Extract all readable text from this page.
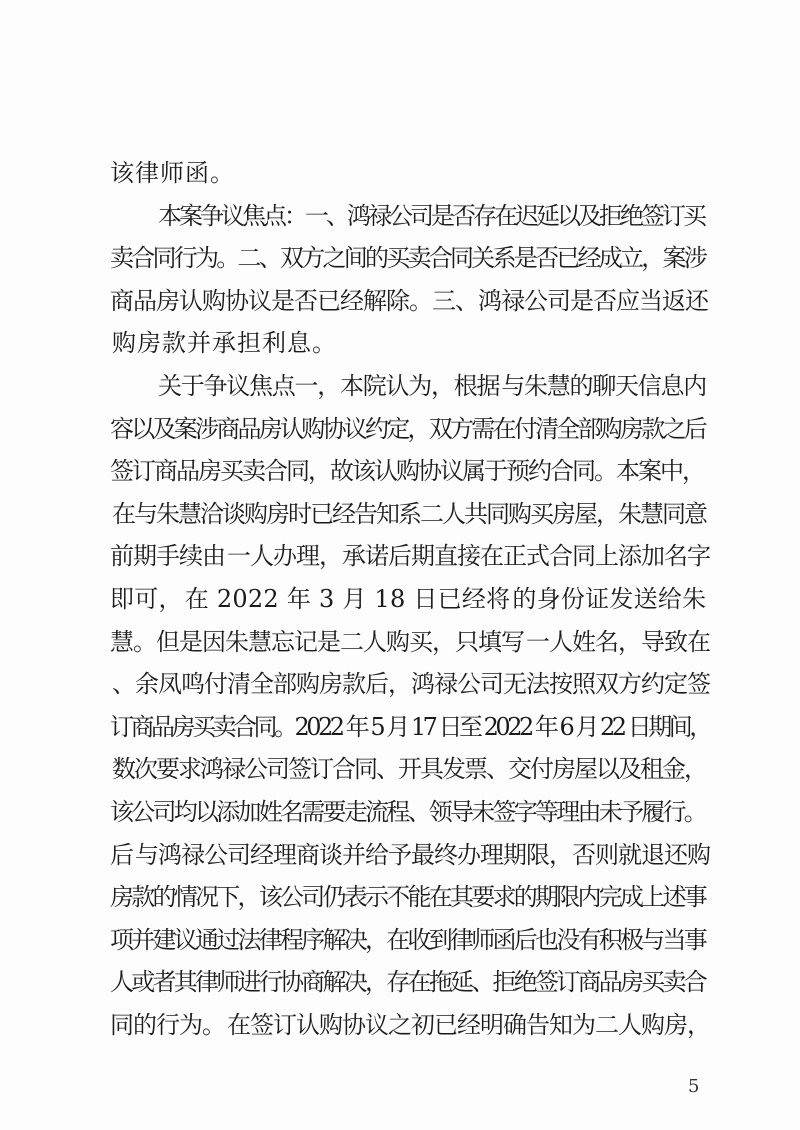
该律师函。
本案争议焦点：一、鸿禄公司是否存在迟延以及拒绝签订买
卖合同行为。二、双方之间的买卖合同关系是否已经成立，案涉
商品房认购协议是否已经解除。三、鸿禄公司是否应当返还
购房款并承担利息。
关于争议焦点一，本院认为，根据与朱慧的聊天信息内
容以及案涉商品房认购协议约定，双方需在付清全部购房款之后
签订商品房买卖合同，故该认购协议属于预约合同。本案中，
在与朱慧洽谈购房时已经告知系二人共同购买房屋，朱慧同意
前期手续由一人办理，承诺后期直接在正式合同上添加名字
即可，在 2022 年 3 月 18 日已经将的身份证发送给朱
慧。但是因朱慧忘记是二人购买，只填写一人姓名，导致在
、余凤鸣付清全部购房款后，鸿禄公司无法按照双方约定签
订商品房买卖合同。2022 年 5 月 17 日至 2022 年 6 月 22 日期间，
数次要求鸿禄公司签订合同、开具发票、交付房屋以及租金，
该公司均以添加姓名需要走流程、领导未签字等理由未予履行。
后与鸿禄公司经理商谈并给予最终办理期限，否则就退还购
房款的情况下，该公司仍表示不能在其要求的期限内完成上述事
项并建议通过法律程序解决，在收到律师函后也没有积极与当事
人或者其律师进行协商解决，存在拖延、拒绝签订商品房买卖合
同的行为。在签订认购协议之初已经明确告知为二人购房，
5
